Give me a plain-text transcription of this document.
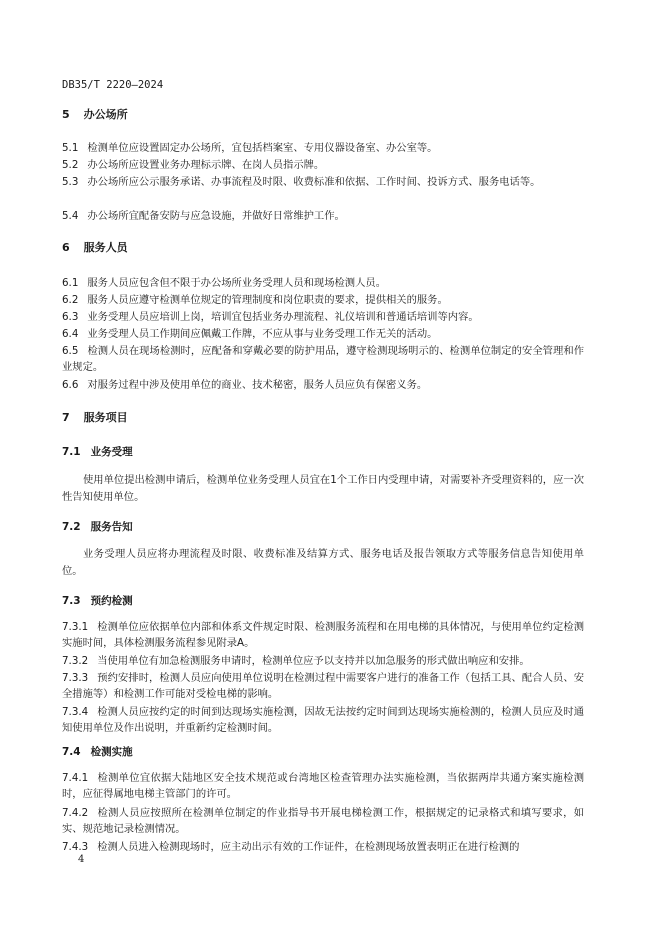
DB35/T 2220—2024
5 办公场所
5.1 检测单位应设置固定办公场所，宜包括档案室、专用仪器设备室、办公室等。
5.2 办公场所应设置业务办理标示牌、在岗人员指示牌。
5.3 办公场所应公示服务承诺、办事流程及时限、收费标准和依据、工作时间、投诉方式、服务电话等。
5.4 办公场所宜配备安防与应急设施，并做好日常维护工作。
6 服务人员
6.1 服务人员应包含但不限于办公场所业务受理人员和现场检测人员。
6.2 服务人员应遵守检测单位规定的管理制度和岗位职责的要求，提供相关的服务。
6.3 业务受理人员应培训上岗，培训宜包括业务办理流程、礼仪培训和普通话培训等内容。
6.4 业务受理人员工作期间应佩戴工作牌，不应从事与业务受理工作无关的活动。
6.5 检测人员在现场检测时，应配备和穿戴必要的防护用品，遵守检测现场明示的、检测单位制定的安全管理和作业规定。
6.6 对服务过程中涉及使用单位的商业、技术秘密，服务人员应负有保密义务。
7 服务项目
7.1 业务受理
使用单位提出检测申请后，检测单位业务受理人员宜在1个工作日内受理申请，对需要补齐受理资料的，应一次性告知使用单位。
7.2 服务告知
业务受理人员应将办理流程及时限、收费标准及结算方式、服务电话及报告领取方式等服务信息告知使用单位。
7.3 预约检测
7.3.1 检测单位应依据单位内部和体系文件规定时限、检测服务流程和在用电梯的具体情况，与使用单位约定检测实施时间，具体检测服务流程参见附录A。
7.3.2 当使用单位有加急检测服务申请时，检测单位应予以支持并以加急服务的形式做出响应和安排。
7.3.3 预约安排时，检测人员应向使用单位说明在检测过程中需要客户进行的准备工作（包括工具、配合人员、安全措施等）和检测工作可能对受检电梯的影响。
7.3.4 检测人员应按约定的时间到达现场实施检测，因故无法按约定时间到达现场实施检测的，检测人员应及时通知使用单位及作出说明，并重新约定检测时间。
7.4 检测实施
7.4.1 检测单位宜依据大陆地区安全技术规范或台湾地区检查管理办法实施检测，当依据两岸共通方案实施检测时，应征得属地电梯主管部门的许可。
7.4.2 检测人员应按照所在检测单位制定的作业指导书开展电梯检测工作，根据规定的记录格式和填写要求，如实、规范地记录检测情况。
7.4.3 检测人员进入检测现场时，应主动出示有效的工作证件，在检测现场放置表明正在进行检测的
4
